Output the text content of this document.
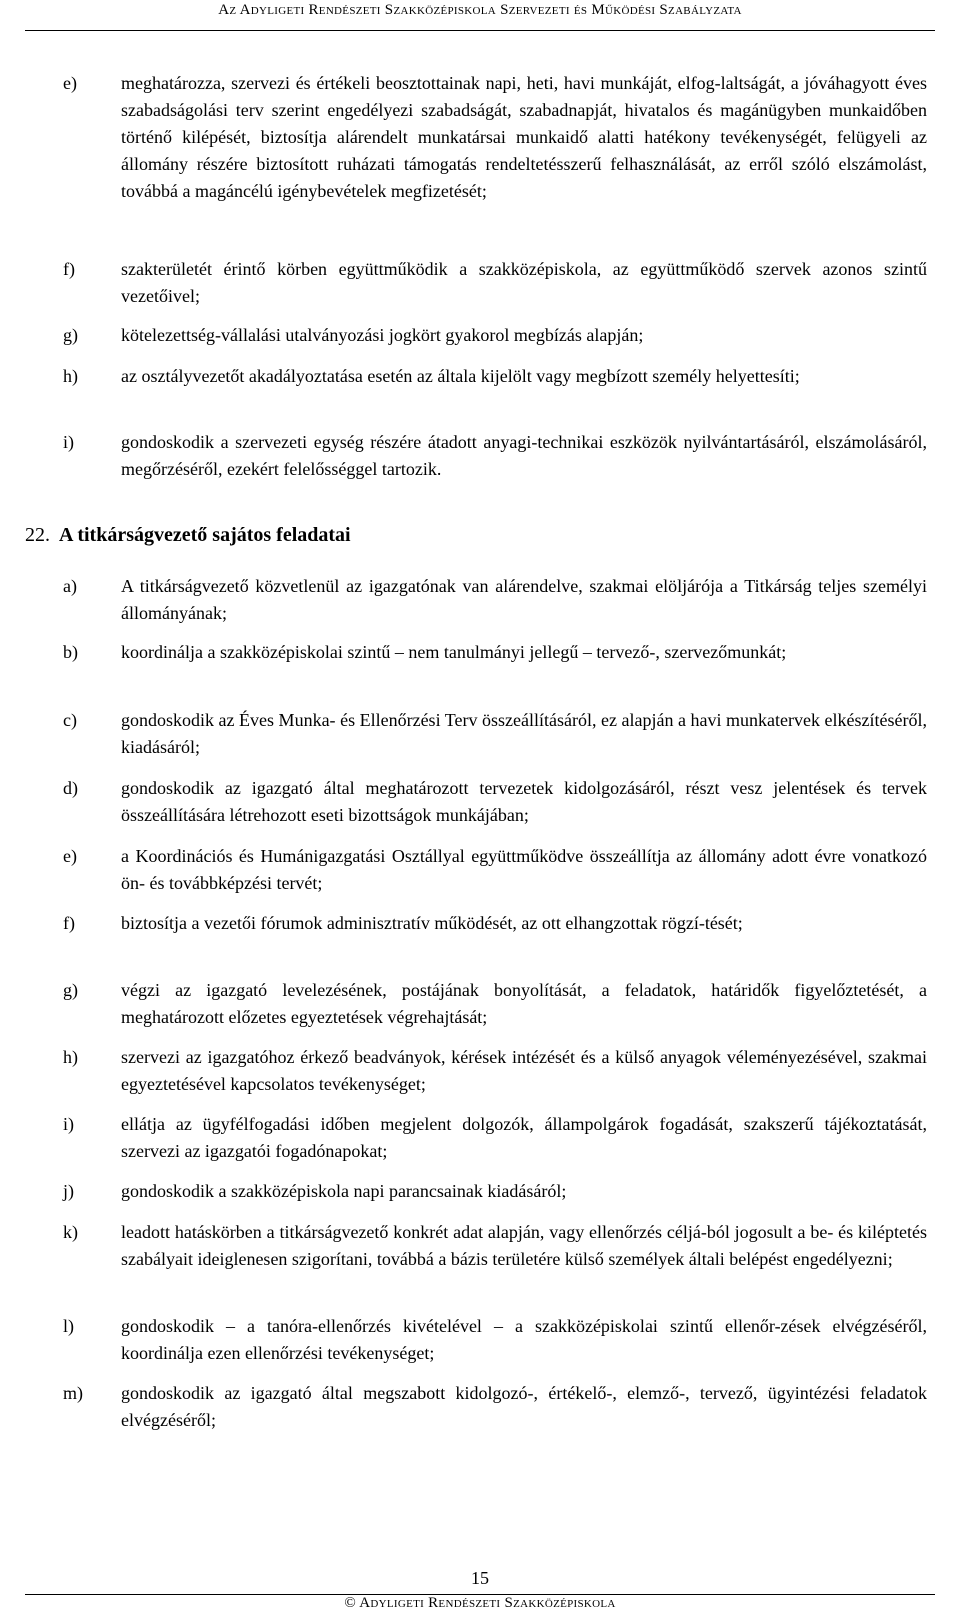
Az Adyligeti Rendészeti Szakközépiskola Szervezeti és Működési Szabályzata
e) meghatározza, szervezi és értékeli beosztottainak napi, heti, havi munkáját, elfog-laltságát, a jóváhagyott éves szabadságolási terv szerint engedélyezi szabadságát, szabadnapját, hivatalos és magánügyben munkaidőben történő kilépését, biztosítja alárendelt munkatársai munkaidő alatti hatékony tevékenységét, felügyeli az állomány részére biztosított ruházati támogatás rendeltetésszerű felhasználását, az erről szóló elszámolást, továbbá a magáncélú igénybevételek megfizetését;
f)	szakterületét érintő körben együttműködik a szakközépiskola, az együttműködő szervek azonos szintű vezetőivel;
g) kötelezettség-vállalási utalványozási jogkört gyakorol megbízás alapján;
h) az osztályvezetőt akadályoztatása esetén az általa kijelölt vagy megbízott személy helyettesíti;
i)	gondoskodik a szervezeti egység részére átadott anyagi-technikai eszközök nyilvántartásáról, elszámolásáról, megőrzéséről, ezekért felelősséggel tartozik.
22. A titkárságvezető sajátos feladatai
a) A titkárságvezető közvetlenül az igazgatónak van alárendelve, szakmai elöljárója a Titkárság teljes személyi állományának;
b) koordinálja a szakközépiskolai szintű – nem tanulmányi jellegű – tervező-, szervezőmunkát;
c) gondoskodik az Éves Munka- és Ellenőrzési Terv összeállításáról, ez alapján a havi munkatervek elkészítéséről, kiadásáról;
d) gondoskodik az igazgató által meghatározott tervezetek kidolgozásáról, részt vesz jelentések és tervek összeállítására létrehozott eseti bizottságok munkájában;
e) a Koordinációs és Humánigazgatási Osztállyal együttműködve összeállítja az állomány adott évre vonatkozó ön- és továbbképzési tervét;
f)	biztosítja a vezetői fórumok adminisztratív működését, az ott elhangzottak rögzí-tését;
g) végzi az igazgató levelezésének, postájának bonyolítását, a feladatok, határidők figyelőztetését, a meghatározott előzetes egyeztetések végrehajtását;
h) szervezi az igazgatóhoz érkező beadványok, kérések intézését és a külső anyagok véleményezésével, szakmai egyeztetésével kapcsolatos tevékenységet;
i)	ellátja az ügyfélfogadási időben megjelent dolgozók, állampolgárok fogadását, szakszerű tájékoztatását, szervezi az igazgatói fogadónapokat;
j)	gondoskodik a szakközépiskola napi parancsainak kiadásáról;
k) leadott hatáskörben a titkárságvezető konkrét adat alapján, vagy ellenőrzés céljá-ból jogosult a be- és kiléptetés szabályait ideiglenesen szigorítani, továbbá a bázis területére külső személyek általi belépést engedélyezni;
l)	gondoskodik – a tanóra-ellenőrzés kivételével – a szakközépiskolai szintű ellenőr-zések elvégzéséről, koordinálja ezen ellenőrzési tevékenységet;
m) gondoskodik az igazgató által megszabott kidolgozó-, értékelő-, elemző-, tervező, ügyintézési feladatok elvégzéséről;
15
© Adyligeti Rendészeti Szakközépiskola
